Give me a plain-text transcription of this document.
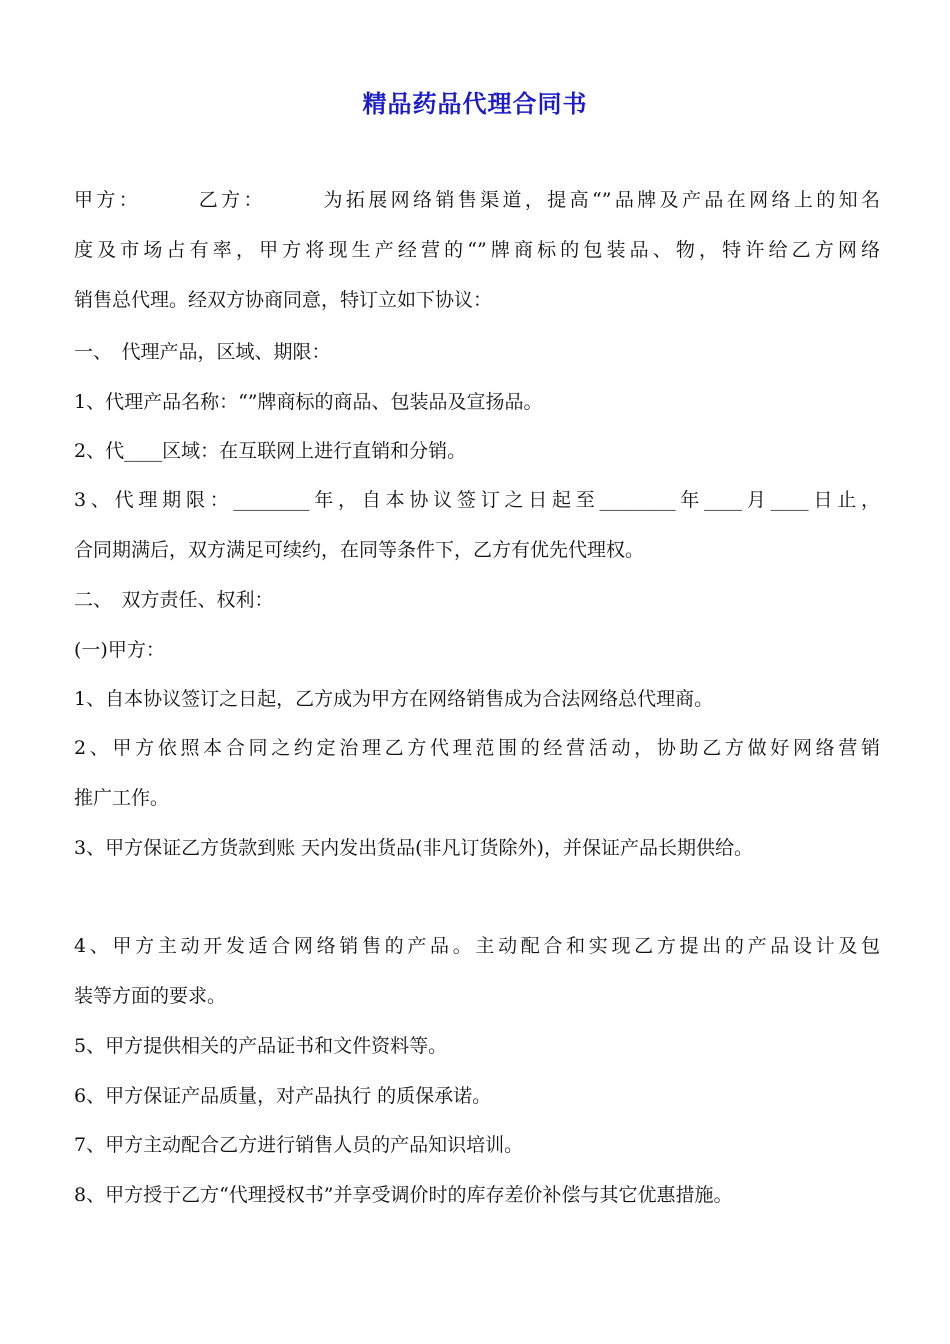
精品药品代理合同书
甲方：　　　乙方：　　　为拓展网络销售渠道，提高“”品牌及产品在网络上的知名
度及市场占有率，甲方将现生产经营的“”牌商标的包装品、物，特许给乙方网络
销售总代理。经双方协商同意，特订立如下协议：
一、　代理产品，区域、期限：
1、代理产品名称：“”牌商标的商品、包装品及宣扬品。
2、代____区域：在互联网上进行直销和分销。
3、代理期限：________年，自本协议签订之日起至________年____月____日止，
合同期满后，双方满足可续约，在同等条件下，乙方有优先代理权。
二、　双方责任、权利：
(一)甲方：
1、自本协议签订之日起，乙方成为甲方在网络销售成为合法网络总代理商。
2、甲方依照本合同之约定治理乙方代理范围的经营活动，协助乙方做好网络营销
推广工作。
3、甲方保证乙方货款到账 天内发出货品(非凡订货除外)，并保证产品长期供给。
4、甲方主动开发适合网络销售的产品。主动配合和实现乙方提出的产品设计及包
装等方面的要求。
5、甲方提供相关的产品证书和文件资料等。
6、甲方保证产品质量，对产品执行 的质保承诺。
7、甲方主动配合乙方进行销售人员的产品知识培训。
8、甲方授于乙方“代理授权书”并享受调价时的库存差价补偿与其它优惠措施。
